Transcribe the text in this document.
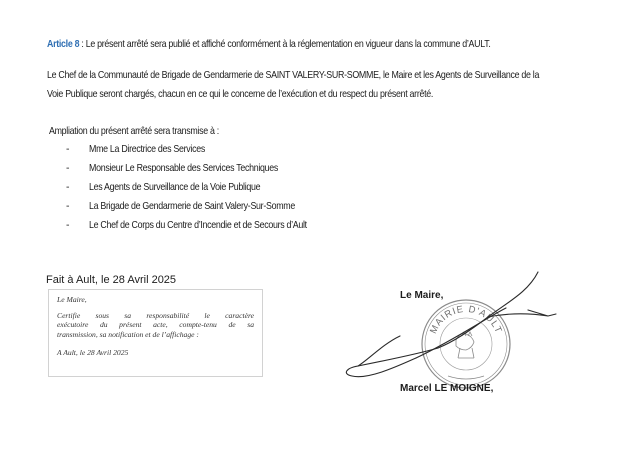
Article 8 : Le présent arrêté sera publié et affiché conformément à la réglementation en vigueur dans la commune d’AULT.
Le Chef de la Communauté de Brigade de Gendarmerie de SAINT VALERY-SUR-SOMME, le Maire et les Agents de Surveillance de la
Voie Publique seront chargés, chacun en ce qui le concerne de l’exécution et du respect du présent arrêté.
Ampliation du présent arrêté sera transmise à :
- Mme La Directrice des Services
- Monsieur Le Responsable des Services Techniques
- Les Agents de Surveillance de la Voie Publique
- La Brigade de Gendarmerie de Saint Valery-Sur-Somme
- Le Chef de Corps du Centre d’Incendie et de Secours d’Ault
Fait à Ault, le 28 Avril 2025

Le Maire,

Certifie sous sa responsabilité le caractère

exécutoire du présent acte, compte-tenu de sa

transmission, sa notification et de l’affichage :

A Ault, le 28 Avril 2025

Le Maire,
MAIRIE D'AULT
Marcel LE MOIGNE,
